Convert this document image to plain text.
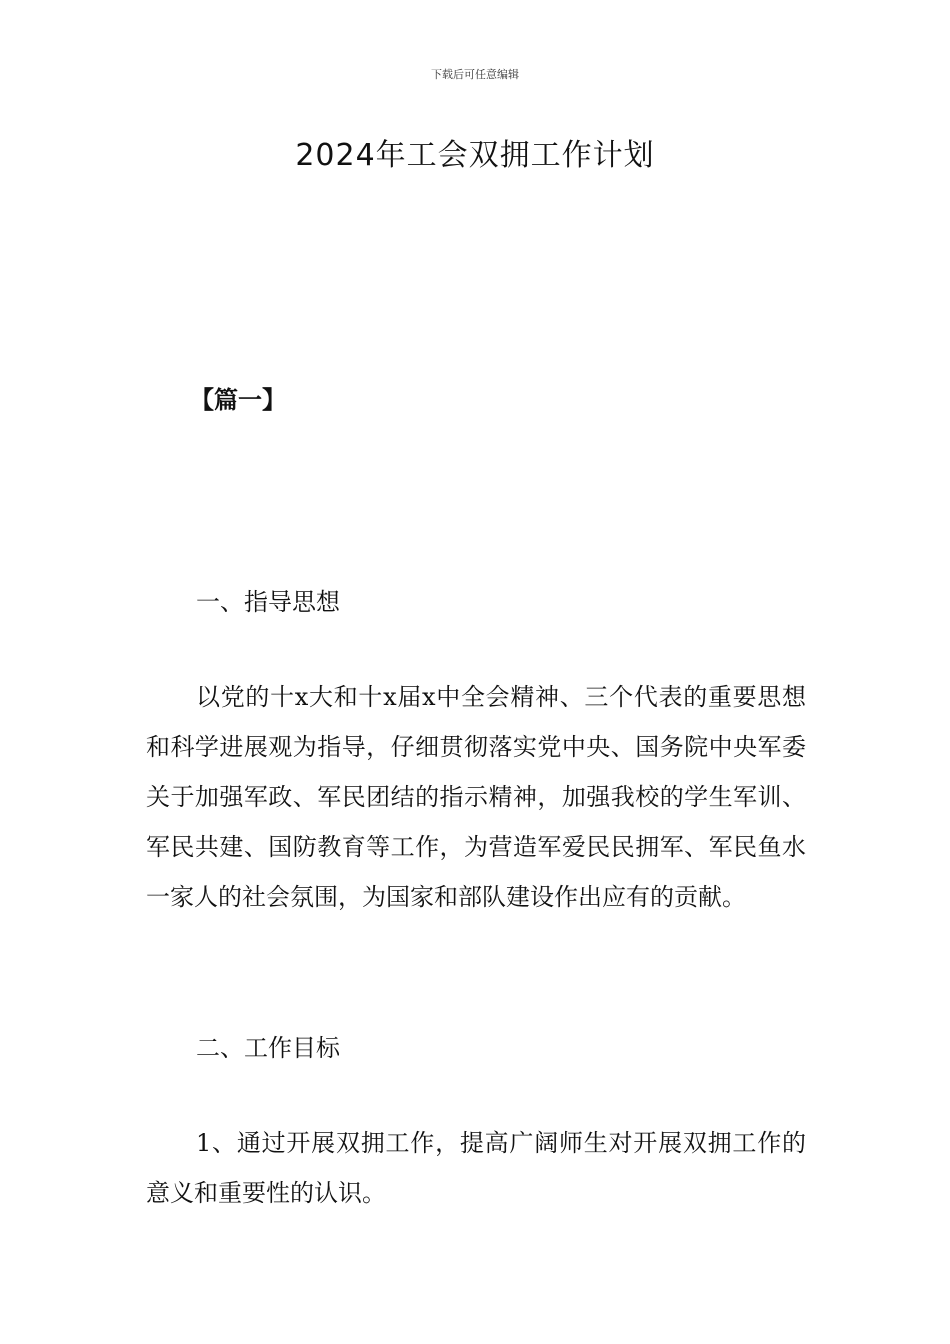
下载后可任意编辑
2024年工会双拥工作计划
【篇一】
一、指导思想
以党的十x大和十x届x中全会精神、三个代表的重要思想和科学进展观为指导，仔细贯彻落实党中央、国务院中央军委关于加强军政、军民团结的指示精神，加强我校的学生军训、军民共建、国防教育等工作，为营造军爱民民拥军、军民鱼水一家人的社会氛围，为国家和部队建设作出应有的贡献。
二、工作目标
1、通过开展双拥工作，提高广阔师生对开展双拥工作的意义和重要性的认识。
